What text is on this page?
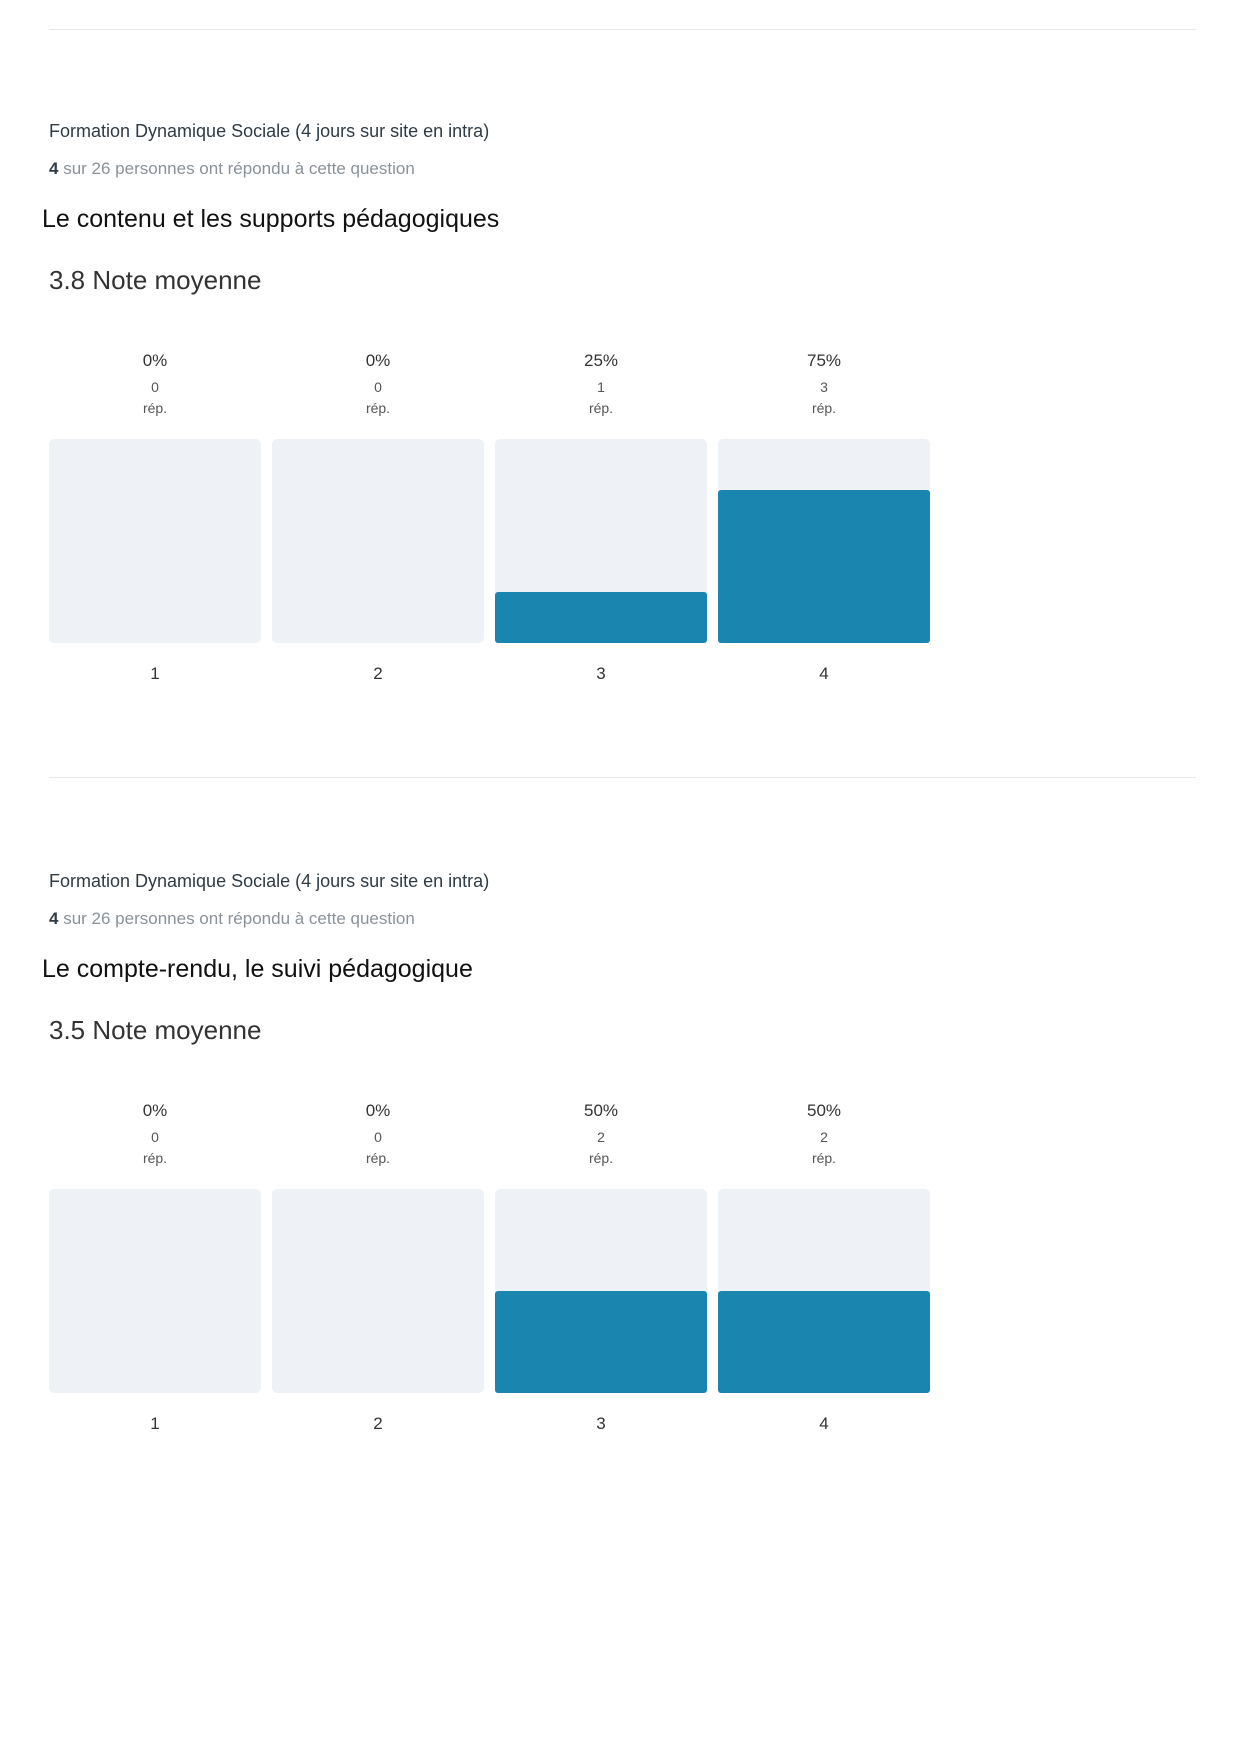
Formation Dynamique Sociale (4 jours sur site en intra)
4 sur 26 personnes ont répondu à cette question
Le contenu et les supports pédagogiques
3.8 Note moyenne
0%
0
rép.
1
0%
0
rép.
2
25%
1
rép.
3
75%
3
rép.
4
Formation Dynamique Sociale (4 jours sur site en intra)
4 sur 26 personnes ont répondu à cette question
Le compte-rendu, le suivi pédagogique
3.5 Note moyenne
0%
0
rép.
1
0%
0
rép.
2
50%
2
rép.
3
50%
2
rép.
4
